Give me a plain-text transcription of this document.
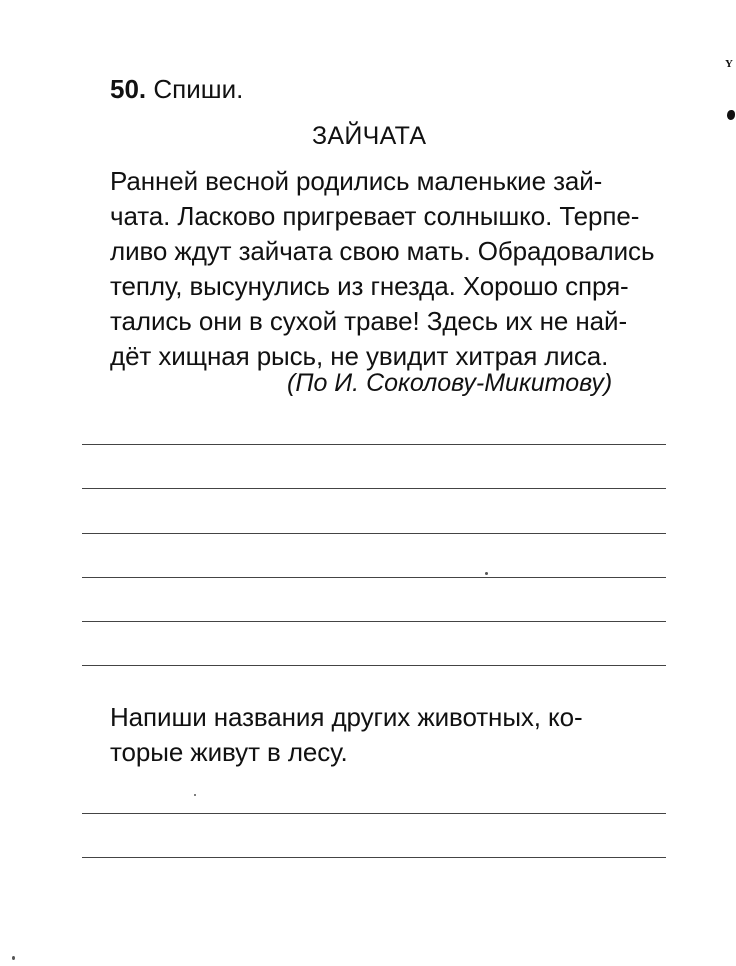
50. Спиши.
ЗАЙЧАТА
Ранней весной родились маленькие зай-
чата. Ласково пригревает солнышко. Терпе-
ливо ждут зайчата свою мать. Обрадовались
теплу, высунулись из гнезда. Хорошо спря-
тались они в сухой траве! Здесь их не най-
дёт хищная рысь, не увидит хитрая лиса.
(По И. Соколову-Микитову)
Напиши названия других животных, ко-
торые живут в лесу.
Y
